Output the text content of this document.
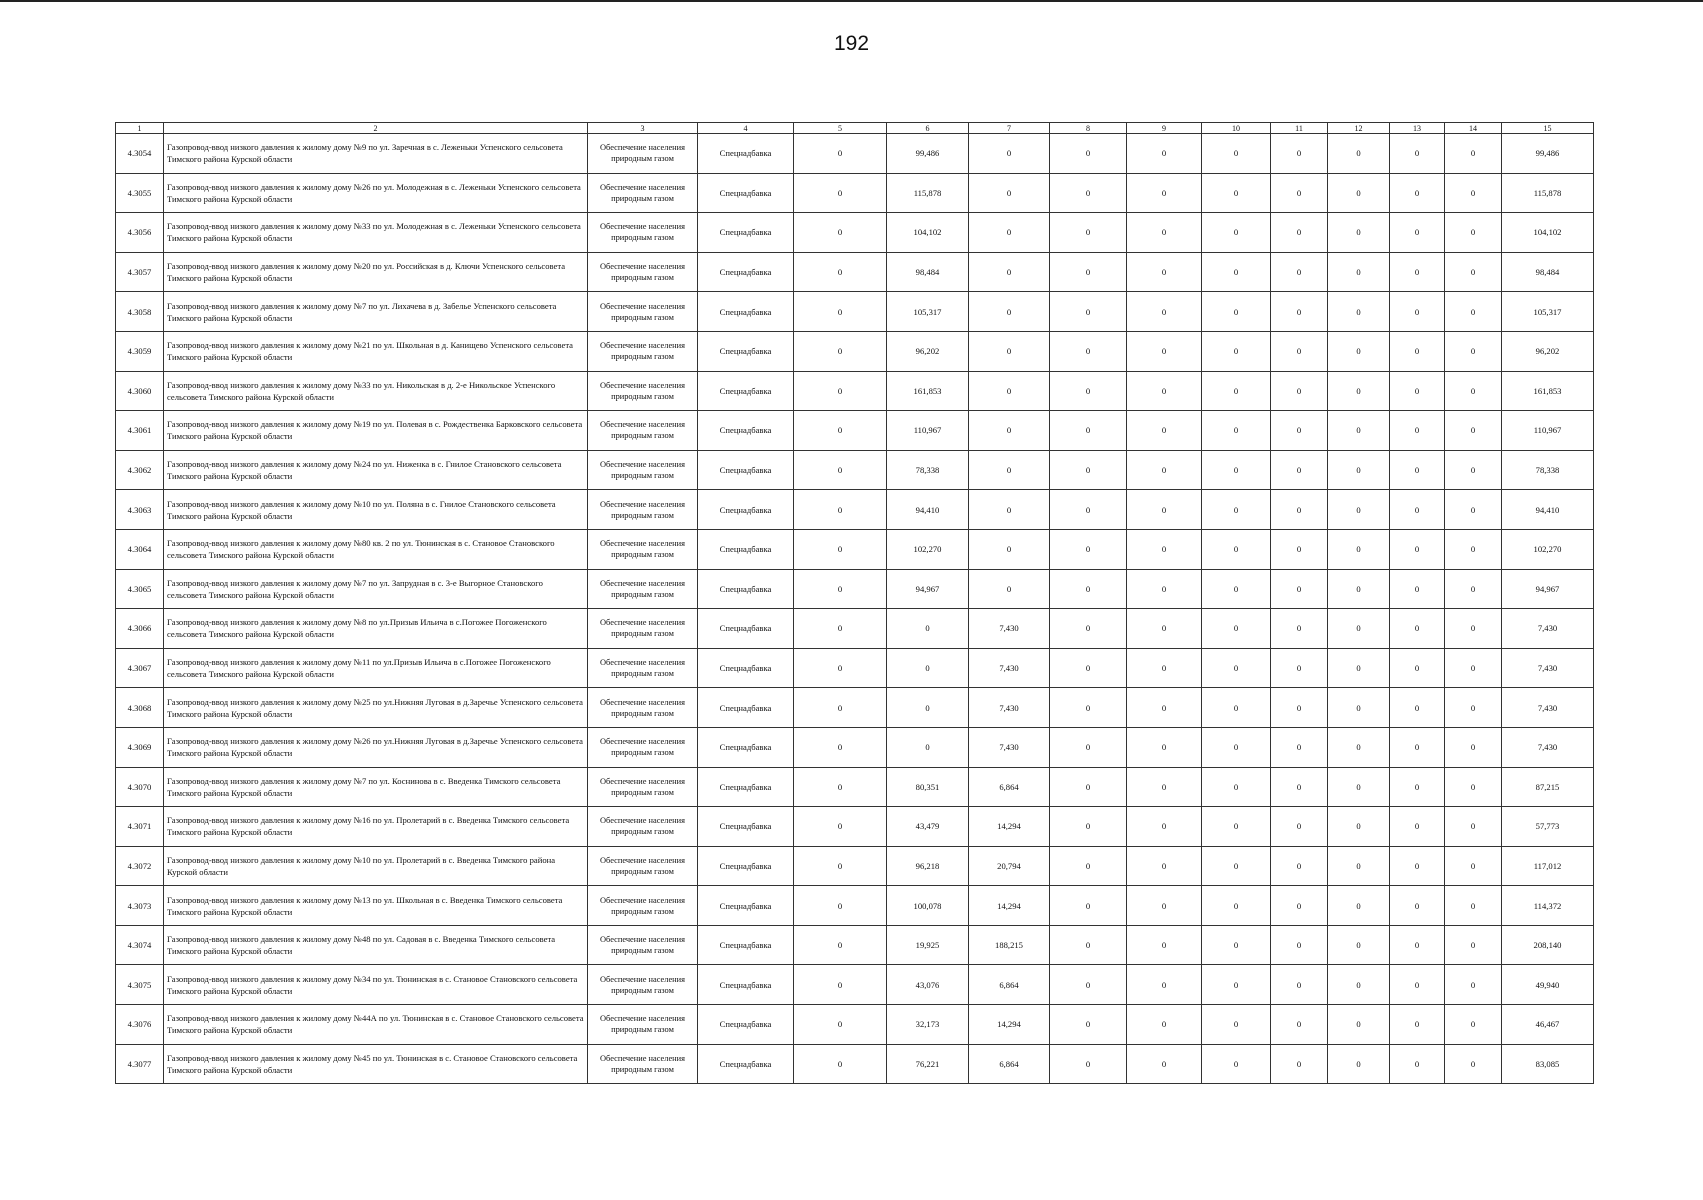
192
1	2	3	4	5	6	7	8	9	10	11	12	13	14	15
4.3054	Газопровод-ввод низкого давления к жилому дому №9 по ул. Заречная в с. Леженьки Успенского сельсовета Тимского района Курской области	Обеспечение населения природным газом	Спецнадбавка	0	99,486	0	0	0	0	0	0	0	0	99,486
4.3055	Газопровод-ввод низкого давления к жилому дому №26 по ул. Молодежная в с. Леженьки Успенского сельсовета Тимского района Курской области	Обеспечение населения природным газом	Спецнадбавка	0	115,878	0	0	0	0	0	0	0	0	115,878
4.3056	Газопровод-ввод низкого давления к жилому дому №33 по ул. Молодежная в с. Леженьки Успенского сельсовета Тимского района Курской области	Обеспечение населения природным газом	Спецнадбавка	0	104,102	0	0	0	0	0	0	0	0	104,102
4.3057	Газопровод-ввод низкого давления к жилому дому №20 по ул. Российская в д. Ключи Успенского сельсовета Тимского района Курской области	Обеспечение населения природным газом	Спецнадбавка	0	98,484	0	0	0	0	0	0	0	0	98,484
4.3058	Газопровод-ввод низкого давления к жилому дому №7 по ул. Лихачева в д. Забелье Успенского сельсовета Тимского района Курской области	Обеспечение населения природным газом	Спецнадбавка	0	105,317	0	0	0	0	0	0	0	0	105,317
4.3059	Газопровод-ввод низкого давления к жилому дому №21 по ул. Школьная в д. Канищево Успенского сельсовета Тимского района Курской области	Обеспечение населения природным газом	Спецнадбавка	0	96,202	0	0	0	0	0	0	0	0	96,202
4.3060	Газопровод-ввод низкого давления к жилому дому №33 по ул. Никольская в д. 2-е Никольское Успенского сельсовета Тимского района Курской области	Обеспечение населения природным газом	Спецнадбавка	0	161,853	0	0	0	0	0	0	0	0	161,853
4.3061	Газопровод-ввод низкого давления к жилому дому №19 по ул. Полевая в с. Рождественка Барковского сельсовета Тимского района Курской области	Обеспечение населения природным газом	Спецнадбавка	0	110,967	0	0	0	0	0	0	0	0	110,967
4.3062	Газопровод-ввод низкого давления к жилому дому №24 по ул. Ниженка в с. Гнилое Становского сельсовета Тимского района Курской области	Обеспечение населения природным газом	Спецнадбавка	0	78,338	0	0	0	0	0	0	0	0	78,338
4.3063	Газопровод-ввод низкого давления к жилому дому №10 по ул. Поляна в с. Гнилое Становского сельсовета Тимского района Курской области	Обеспечение населения природным газом	Спецнадбавка	0	94,410	0	0	0	0	0	0	0	0	94,410
4.3064	Газопровод-ввод низкого давления к жилому дому №80 кв. 2 по ул. Тюнинская в с. Становое Становского сельсовета Тимского района Курской области	Обеспечение населения природным газом	Спецнадбавка	0	102,270	0	0	0	0	0	0	0	0	102,270
4.3065	Газопровод-ввод низкого давления к жилому дому №7 по ул. Запрудная в с. 3-е Выгорное Становского сельсовета Тимского района Курской области	Обеспечение населения природным газом	Спецнадбавка	0	94,967	0	0	0	0	0	0	0	0	94,967
4.3066	Газопровод-ввод низкого давления к жилому дому №8 по ул.Призыв Ильича в с.Погожее Погоженского сельсовета Тимского района Курской области	Обеспечение населения природным газом	Спецнадбавка	0	0	7,430	0	0	0	0	0	0	0	7,430
4.3067	Газопровод-ввод низкого давления к жилому дому №11 по ул.Призыв Ильича в с.Погожее Погоженского сельсовета Тимского района Курской области	Обеспечение населения природным газом	Спецнадбавка	0	0	7,430	0	0	0	0	0	0	0	7,430
4.3068	Газопровод-ввод низкого давления к жилому дому №25 по ул.Нижняя Луговая в д.Заречье Успенского сельсовета Тимского района Курской области	Обеспечение населения природным газом	Спецнадбавка	0	0	7,430	0	0	0	0	0	0	0	7,430
4.3069	Газопровод-ввод низкого давления к жилому дому №26 по ул.Нижняя Луговая в д.Заречье Успенского сельсовета Тимского района Курской области	Обеспечение населения природным газом	Спецнадбавка	0	0	7,430	0	0	0	0	0	0	0	7,430
4.3070	Газопровод-ввод низкого давления к жилому дому №7 по ул. Коснинова в с. Введенка Тимского сельсовета Тимского района Курской области	Обеспечение населения природным газом	Спецнадбавка	0	80,351	6,864	0	0	0	0	0	0	0	87,215
4.3071	Газопровод-ввод низкого давления к жилому дому №16 по ул. Пролетарий в с. Введенка Тимского сельсовета Тимского района Курской области	Обеспечение населения природным газом	Спецнадбавка	0	43,479	14,294	0	0	0	0	0	0	0	57,773
4.3072	Газопровод-ввод низкого давления к жилому дому №10 по ул. Пролетарий в с. Введенка Тимского района Курской области	Обеспечение населения природным газом	Спецнадбавка	0	96,218	20,794	0	0	0	0	0	0	0	117,012
4.3073	Газопровод-ввод низкого давления к жилому дому №13 по ул. Школьная в с. Введенка Тимского сельсовета Тимского района Курской области	Обеспечение населения природным газом	Спецнадбавка	0	100,078	14,294	0	0	0	0	0	0	0	114,372
4.3074	Газопровод-ввод низкого давления к жилому дому №48 по ул. Садовая в с. Введенка Тимского сельсовета Тимского района Курской области	Обеспечение населения природным газом	Спецнадбавка	0	19,925	188,215	0	0	0	0	0	0	0	208,140
4.3075	Газопровод-ввод низкого давления к жилому дому №34 по ул. Тюнинская в с. Становое Становского сельсовета Тимского района Курской области	Обеспечение населения природным газом	Спецнадбавка	0	43,076	6,864	0	0	0	0	0	0	0	49,940
4.3076	Газопровод-ввод низкого давления к жилому дому №44А по ул. Тюнинская в с. Становое Становского сельсовета Тимского района Курской области	Обеспечение населения природным газом	Спецнадбавка	0	32,173	14,294	0	0	0	0	0	0	0	46,467
4.3077	Газопровод-ввод низкого давления к жилому дому №45 по ул. Тюнинская в с. Становое Становского сельсовета Тимского района Курской области	Обеспечение населения природным газом	Спецнадбавка	0	76,221	6,864	0	0	0	0	0	0	0	83,085
